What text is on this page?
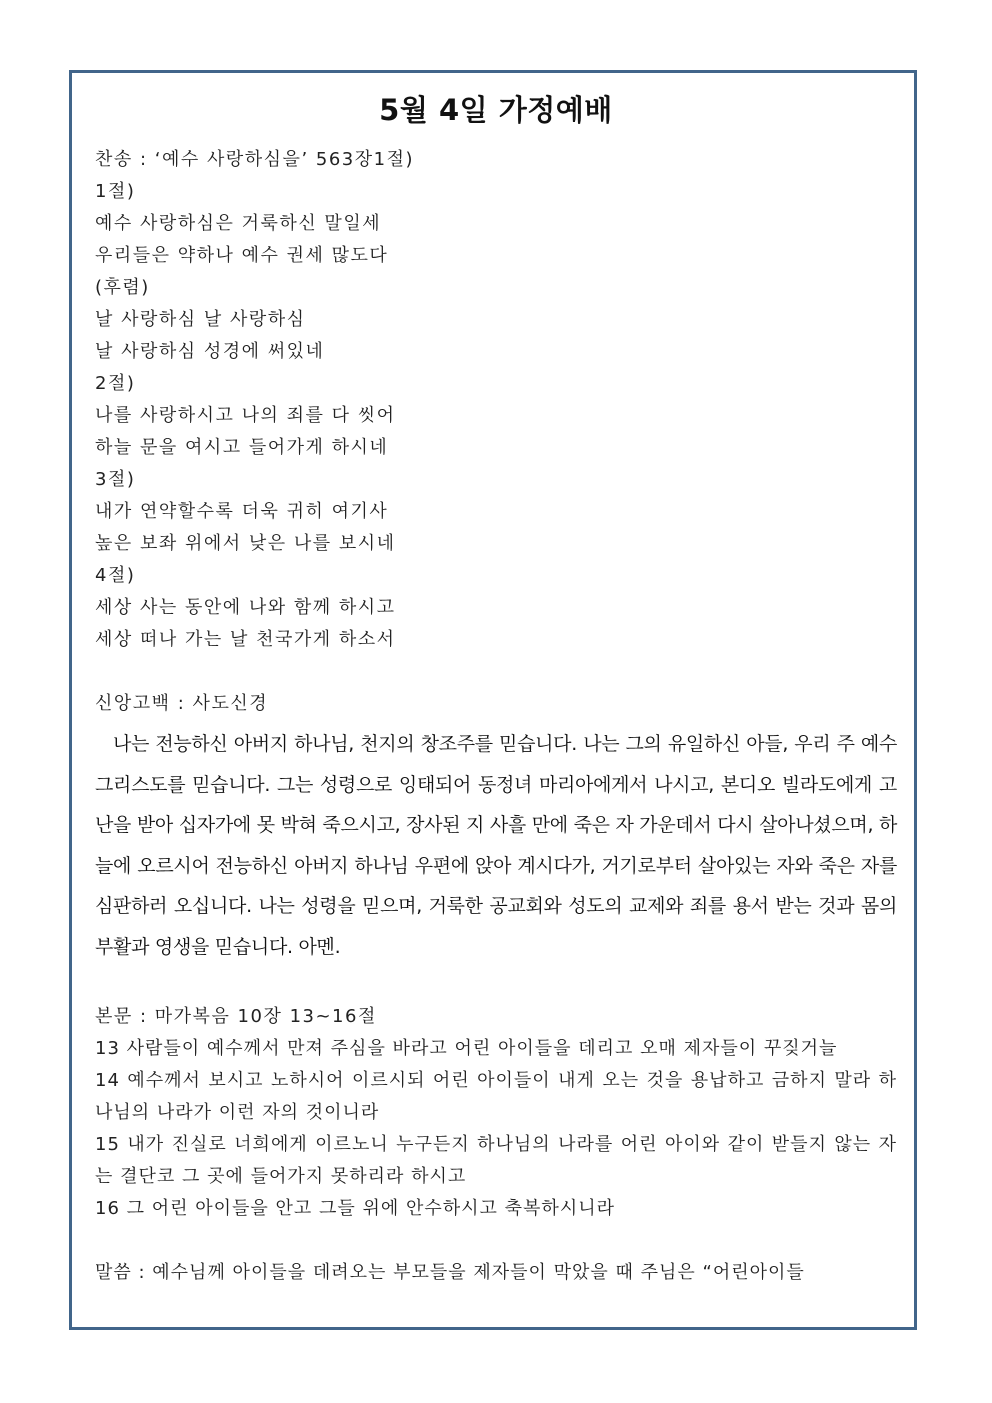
5월 4일 가정예배
찬송 : ‘예수 사랑하심을’ 563장1절)
1절)
예수 사랑하심은 거룩하신 말일세
우리들은 약하나 예수 권세 많도다
(후렴)
날 사랑하심 날 사랑하심
날 사랑하심 성경에 써있네
2절)
나를 사랑하시고 나의 죄를 다 씻어
하늘 문을 여시고 들어가게 하시네
3절)
내가 연약할수록 더욱 귀히 여기사
높은 보좌 위에서 낮은 나를 보시네
4절)
세상 사는 동안에 나와 함께 하시고
세상 떠나 가는 날 천국가게 하소서
신앙고백 : 사도신경
나는 전능하신 아버지 하나님, 천지의 창조주를 믿습니다. 나는 그의 유일하신 아들, 우리 주 예수 그리스도를 믿습니다. 그는 성령으로 잉태되어 동정녀 마리아에게서 나시고, 본디오 빌라도에게 고난을 받아 십자가에 못 박혀 죽으시고, 장사된 지 사흘 만에 죽은 자 가운데서 다시 살아나셨으며, 하늘에 오르시어 전능하신 아버지 하나님 우편에 앉아 계시다가, 거기로부터 살아있는 자와 죽은 자를 심판하러 오십니다. 나는 성령을 믿으며, 거룩한 공교회와 성도의 교제와 죄를 용서 받는 것과 몸의 부활과 영생을 믿습니다. 아멘.
본문 : 마가복음 10장 13~16절
13 사람들이 예수께서 만져 주심을 바라고 어린 아이들을 데리고 오매 제자들이 꾸짖거늘
14 예수께서 보시고 노하시어 이르시되 어린 아이들이 내게 오는 것을 용납하고 금하지 말라 하나님의 나라가 이런 자의 것이니라
15 내가 진실로 너희에게 이르노니 누구든지 하나님의 나라를 어린 아이와 같이 받들지 않는 자는 결단코 그 곳에 들어가지 못하리라 하시고
16 그 어린 아이들을 안고 그들 위에 안수하시고 축복하시니라
말씀 : 예수님께 아이들을 데려오는 부모들을 제자들이 막았을 때 주님은 “어린아이들
